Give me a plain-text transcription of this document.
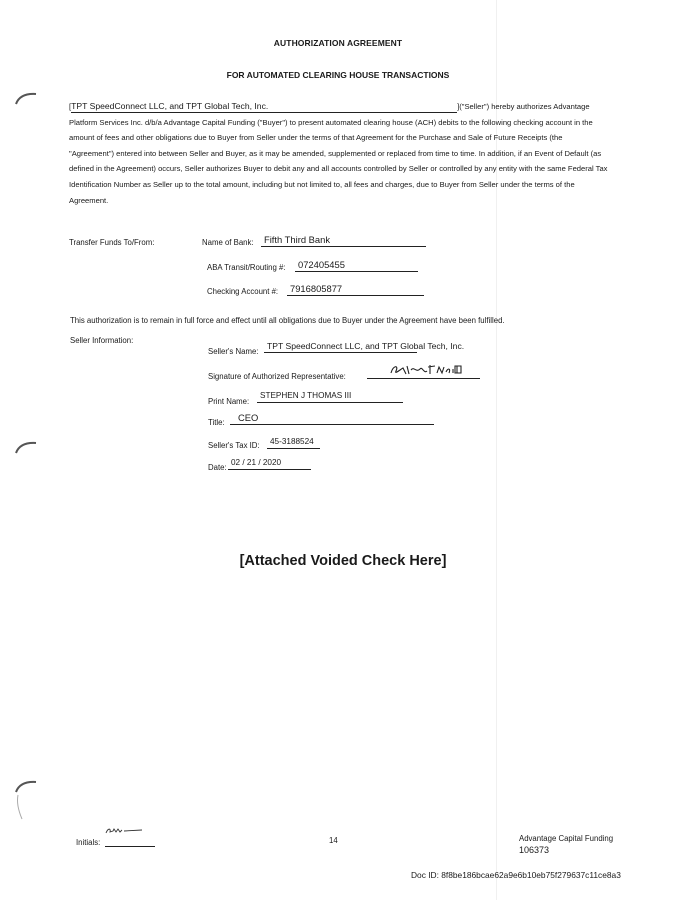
AUTHORIZATION AGREEMENT
FOR AUTOMATED CLEARING HOUSE TRANSACTIONS
[TPT SpeedConnect LLC, and TPT Global Tech, Inc.	]("Seller") hereby authorizes Advantage Platform Services Inc. d/b/a Advantage Capital Funding ("Buyer") to present automated clearing house (ACH) debits to the following checking account in the amount of fees and other obligations due to Buyer from Seller under the terms of that Agreement for the Purchase and Sale of Future Receipts (the "Agreement") entered into between Seller and Buyer, as it may be amended, supplemented or replaced from time to time. In addition, if an Event of Default (as defined in the Agreement) occurs, Seller authorizes Buyer to debit any and all accounts controlled by Seller or controlled by any entity with the same Federal Tax Identification Number as Seller up to the total amount, including but not limited to, all fees and charges, due to Buyer from Seller under the terms of the Agreement.
Transfer Funds To/From:	Name of Bank:	Fifth Third Bank
ABA Transit/Routing #:	072405455
Checking Account #:	7916805877
This authorization is to remain in full force and effect until all obligations due to Buyer under the Agreement have been fulfilled.
Seller Information:
Seller's Name:
TPT SpeedConnect LLC, and TPT Global Tech, Inc.
Signature of Authorized Representative:
Print Name:
STEPHEN J THOMAS III
Title:	CEO
Seller's Tax ID:	45-3188524
Date:
02 / 21 / 2020
[Attached Voided Check Here]
Initials:	14	Advantage Capital Funding
106373
Doc ID: 8f8be186bcae62a9e6b10eb75f279637c11ce8a3
